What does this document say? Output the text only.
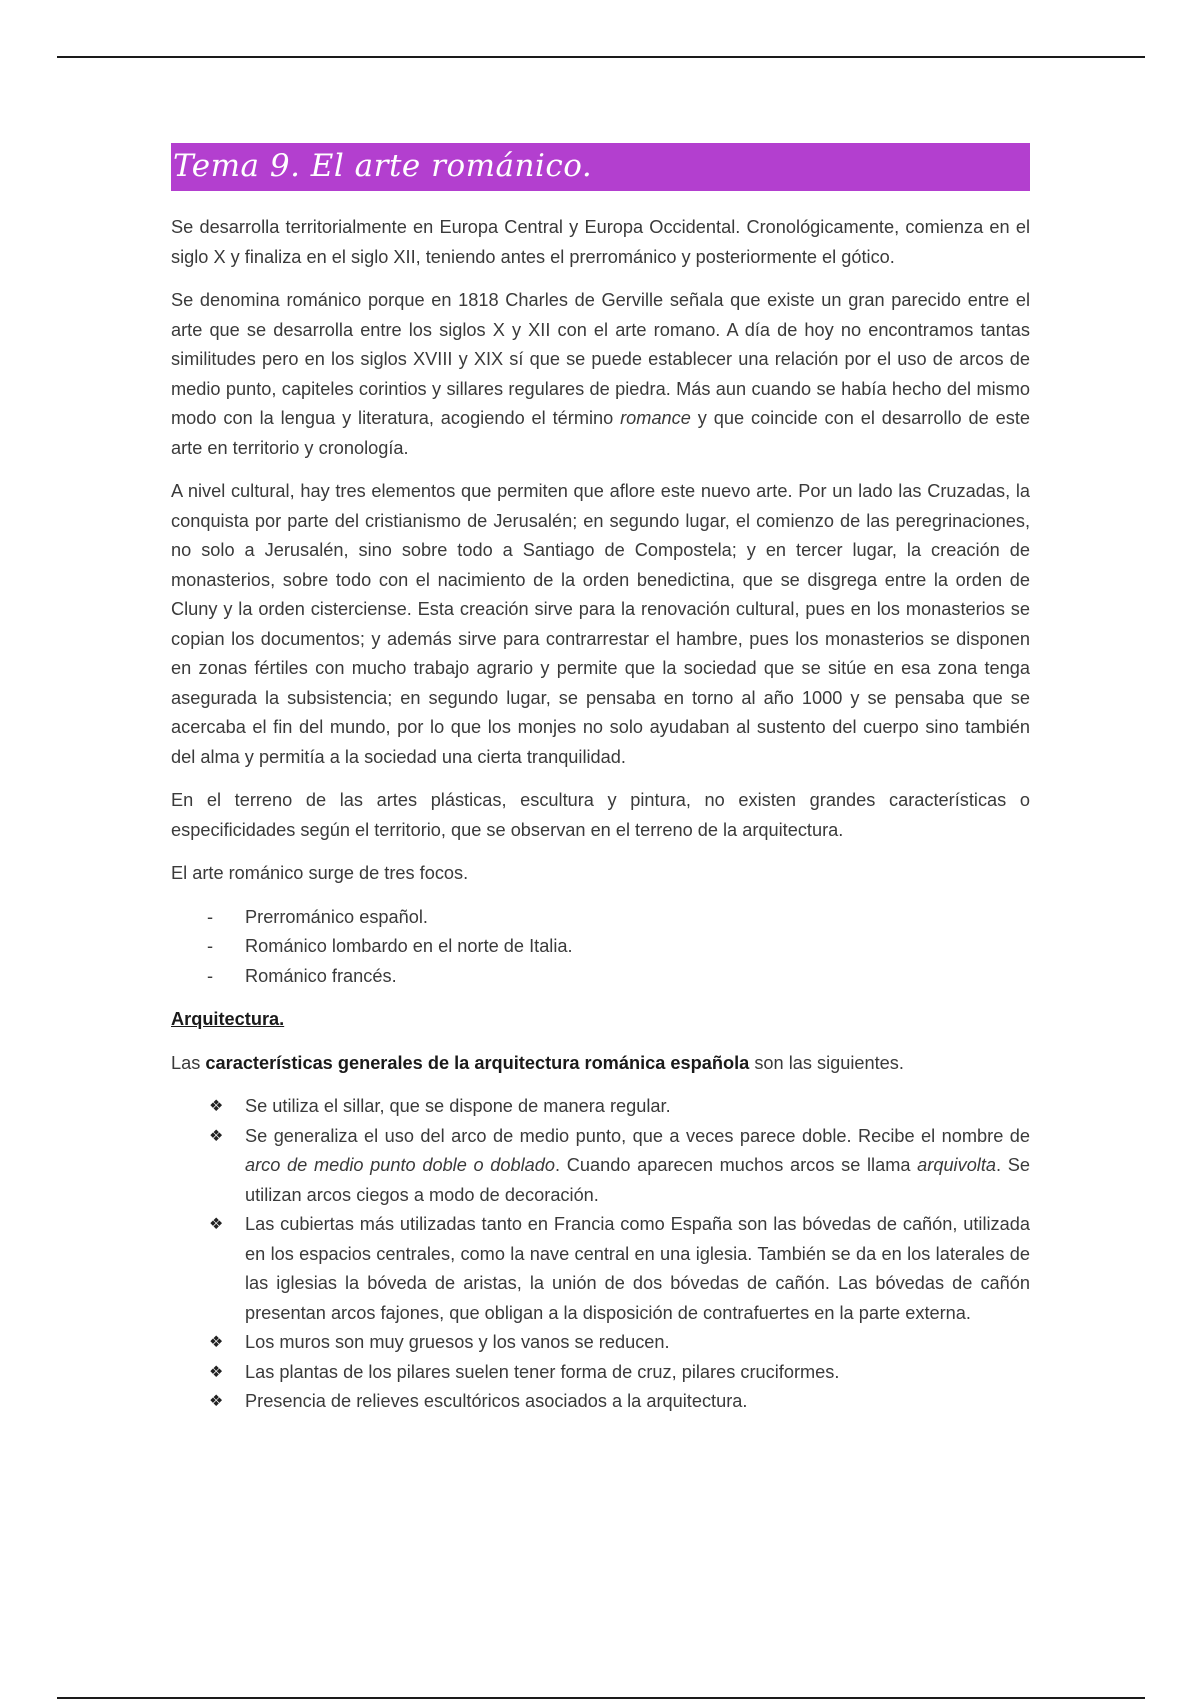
Tema 9. El arte románico.

Se desarrolla territorialmente en Europa Central y Europa Occidental. Cronológicamente, comienza en el siglo X y finaliza en el siglo XII, teniendo antes el prerrománico y posteriormente el gótico.

Se denomina románico porque en 1818 Charles de Gerville señala que existe un gran parecido entre el arte que se desarrolla entre los siglos X y XII con el arte romano. A día de hoy no encontramos tantas similitudes pero en los siglos XVIII y XIX sí que se puede establecer una relación por el uso de arcos de medio punto, capiteles corintios y sillares regulares de piedra. Más aun cuando se había hecho del mismo modo con la lengua y literatura, acogiendo el término romance y que coincide con el desarrollo de este arte en territorio y cronología.

A nivel cultural, hay tres elementos que permiten que aflore este nuevo arte. Por un lado las Cruzadas, la conquista por parte del cristianismo de Jerusalén; en segundo lugar, el comienzo de las peregrinaciones, no solo a Jerusalén, sino sobre todo a Santiago de Compostela; y en tercer lugar, la creación de monasterios, sobre todo con el nacimiento de la orden benedictina, que se disgrega entre la orden de Cluny y la orden cisterciense. Esta creación sirve para la renovación cultural, pues en los monasterios se copian los documentos; y además sirve para contrarrestar el hambre, pues los monasterios se disponen en zonas fértiles con mucho trabajo agrario y permite que la sociedad que se sitúe en esa zona tenga asegurada la subsistencia; en segundo lugar, se pensaba en torno al año 1000 y se pensaba que se acercaba el fin del mundo, por lo que los monjes no solo ayudaban al sustento del cuerpo sino también del alma y permitía a la sociedad una cierta tranquilidad.

En el terreno de las artes plásticas, escultura y pintura, no existen grandes características o especificidades según el territorio, que se observan en el terreno de la arquitectura.

El arte románico surge de tres focos.

- Prerrománico español.
- Románico lombardo en el norte de Italia.
- Románico francés.
Arquitectura.

Las características generales de la arquitectura románica española son las siguientes.

❖ Se utiliza el sillar, que se dispone de manera regular.
❖ Se generaliza el uso del arco de medio punto, que a veces parece doble. Recibe el nombre de arco de medio punto doble o doblado. Cuando aparecen muchos arcos se llama arquivolta. Se utilizan arcos ciegos a modo de decoración.
❖ Las cubiertas más utilizadas tanto en Francia como España son las bóvedas de cañón, utilizada en los espacios centrales, como la nave central en una iglesia. También se da en los laterales de las iglesias la bóveda de aristas, la unión de dos bóvedas de cañón. Las bóvedas de cañón presentan arcos fajones, que obligan a la disposición de contrafuertes en la parte externa.
❖ Los muros son muy gruesos y los vanos se reducen.
❖ Las plantas de los pilares suelen tener forma de cruz, pilares cruciformes.
❖ Presencia de relieves escultóricos asociados a la arquitectura.
